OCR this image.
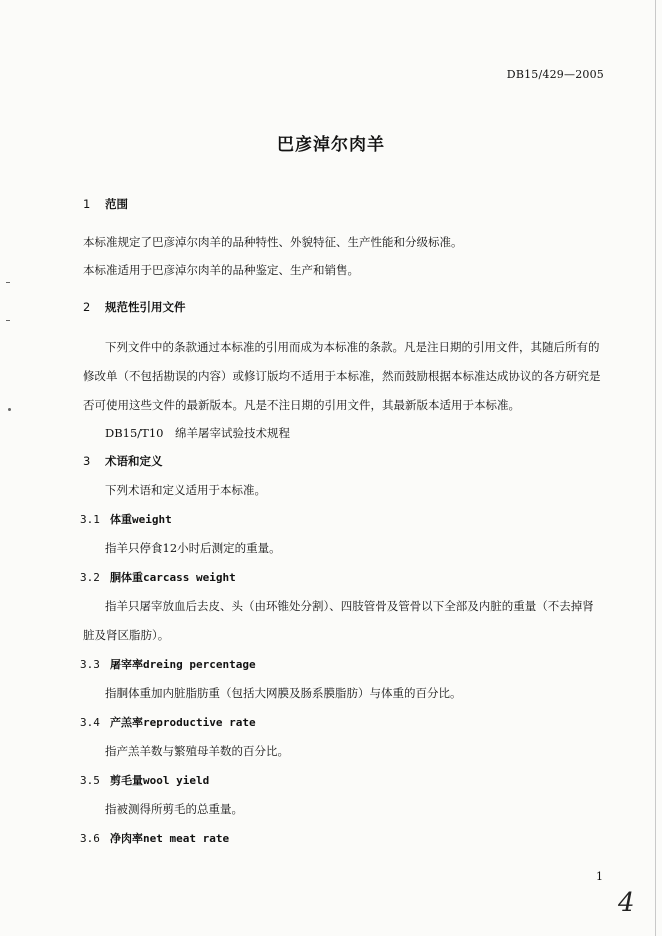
DB15/429—2005
巴彦淖尔肉羊
1 范围
本标准规定了巴彦淖尔肉羊的品种特性、外貌特征、生产性能和分级标准。
本标准适用于巴彦淖尔肉羊的品种鉴定、生产和销售。
2 规范性引用文件
下列文件中的条款通过本标准的引用而成为本标准的条款。凡是注日期的引用文件，其随后所有的
修改单（不包括勘误的内容）或修订版均不适用于本标准，然而鼓励根据本标准达成协议的各方研究是
否可使用这些文件的最新版本。凡是不注日期的引用文件，其最新版本适用于本标准。
DB15/T10　绵羊屠宰试验技术规程
3 术语和定义
下列术语和定义适用于本标准。
3.1 体重weight
指羊只停食12小时后测定的重量。
3.2 胴体重carcass weight
指羊只屠宰放血后去皮、头（由环锥处分割）、四肢管骨及管骨以下全部及内脏的重量（不去掉肾
脏及肾区脂肪）。
3.3 屠宰率dreing percentage
指胴体重加内脏脂肪重（包括大网膜及肠系膜脂肪）与体重的百分比。
3.4 产羔率reproductive rate
指产羔羊数与繁殖母羊数的百分比。
3.5 剪毛量wool yield
指被测得所剪毛的总重量。
3.6 净肉率net meat rate
1
4
